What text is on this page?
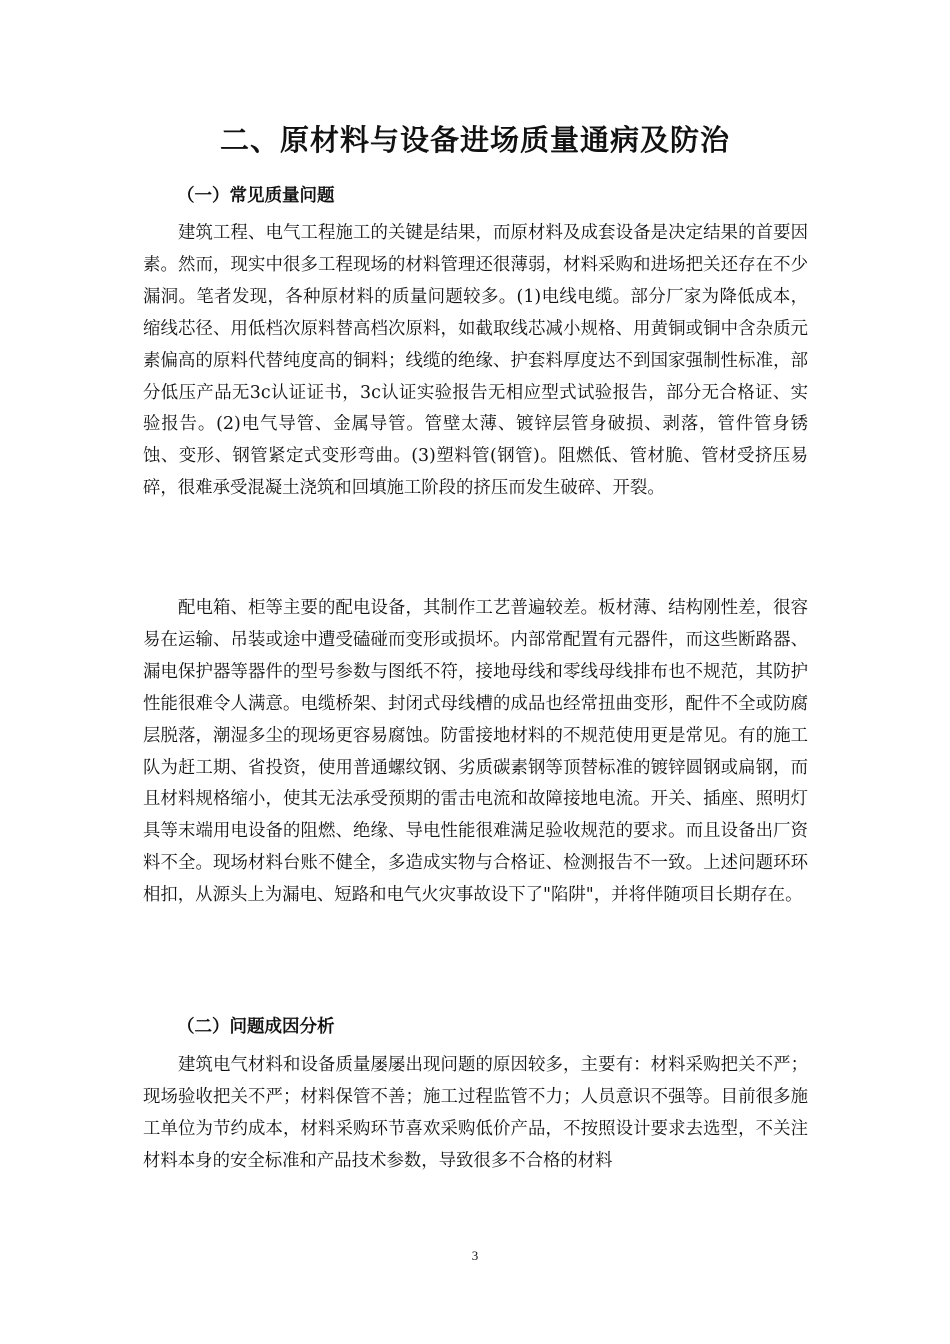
二、原材料与设备进场质量通病及防治
（一）常见质量问题

建筑工程、电气工程施工的关键是结果，而原材料及成套设备是决定结果的首要因素。然而，现实中很多工程现场的材料管理还很薄弱，材料采购和进场把关还存在不少漏洞。笔者发现，各种原材料的质量问题较多。(1)电线电缆。部分厂家为降低成本，缩线芯径、用低档次原料替高档次原料，如截取线芯减小规格、用黄铜或铜中含杂质元素偏高的原料代替纯度高的铜料；线缆的绝缘、护套料厚度达不到国家强制性标准，部分低压产品无3c认证证书，3c认证实验报告无相应型式试验报告，部分无合格证、实验报告。(2)电气导管、金属导管。管壁太薄、镀锌层管身破损、剥落，管件管身锈蚀、变形、钢管紧定式变形弯曲。(3)塑料管(钢管)。阻燃低、管材脆、管材受挤压易碎，很难承受混凝土浇筑和回填施工阶段的挤压而发生破碎、开裂。

配电箱、柜等主要的配电设备，其制作工艺普遍较差。板材薄、结构刚性差，很容易在运输、吊装或途中遭受磕碰而变形或损坏。内部常配置有元器件，而这些断路器、漏电保护器等器件的型号参数与图纸不符，接地母线和零线母线排布也不规范，其防护性能很难令人满意。电缆桥架、封闭式母线槽的成品也经常扭曲变形，配件不全或防腐层脱落，潮湿多尘的现场更容易腐蚀。防雷接地材料的不规范使用更是常见。有的施工队为赶工期、省投资，使用普通螺纹钢、劣质碳素钢等顶替标准的镀锌圆钢或扁钢，而且材料规格缩小，使其无法承受预期的雷击电流和故障接地电流。开关、插座、照明灯具等末端用电设备的阻燃、绝缘、导电性能很难满足验收规范的要求。而且设备出厂资料不全。现场材料台账不健全，多造成实物与合格证、检测报告不一致。上述问题环环相扣，从源头上为漏电、短路和电气火灾事故设下了"陷阱"，并将伴随项目长期存在。

（二）问题成因分析

建筑电气材料和设备质量屡屡出现问题的原因较多，主要有：材料采购把关不严；现场验收把关不严；材料保管不善；施工过程监管不力；人员意识不强等。目前很多施工单位为节约成本，材料采购环节喜欢采购低价产品，不按照设计要求去选型，不关注材料本身的安全标准和产品技术参数，导致很多不合格的材料

3
